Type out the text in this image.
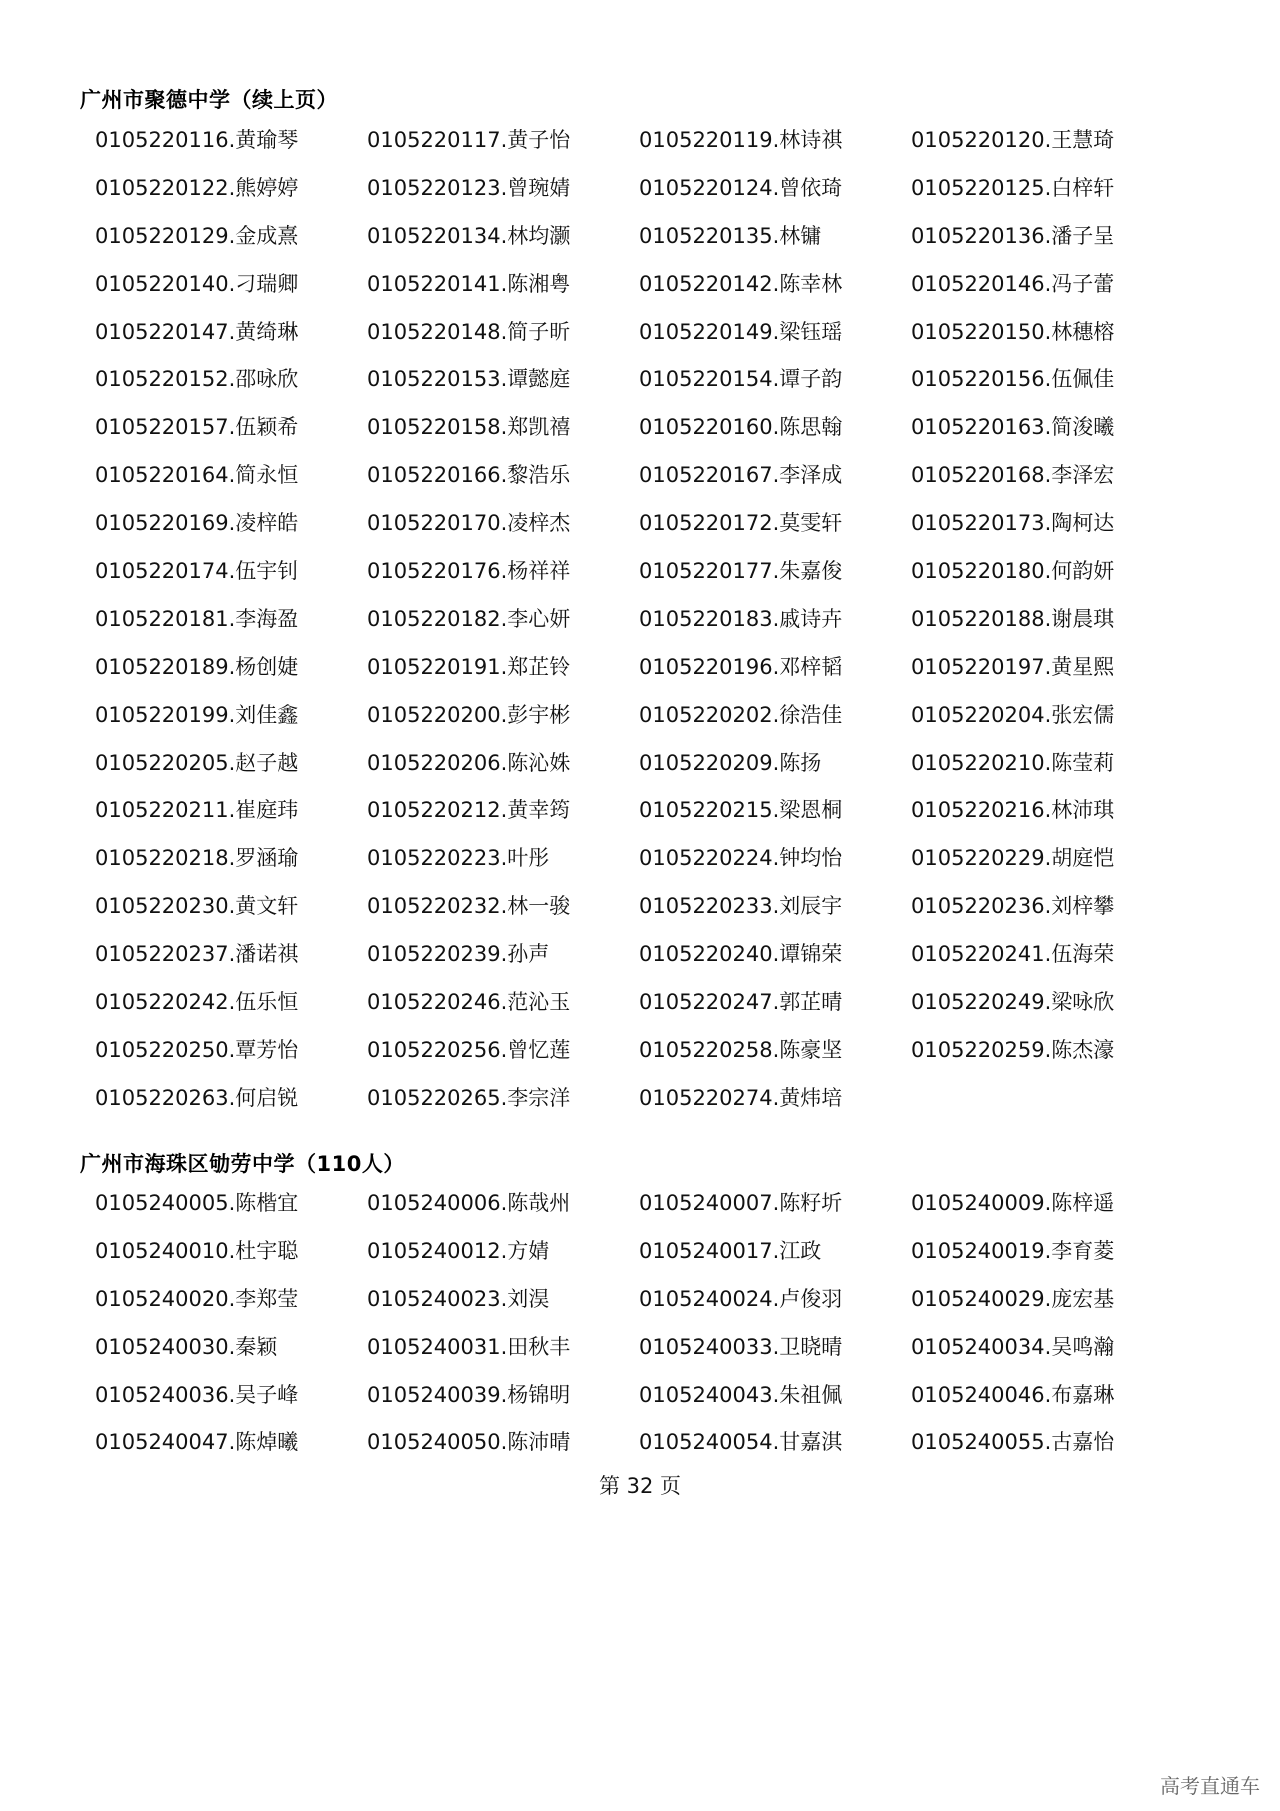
广州市聚德中学（续上页）
0105220116.黄瑜琴	0105220117.黄子怡	0105220119.林诗祺	0105220120.王慧琦
0105220122.熊婷婷	0105220123.曾琬婧	0105220124.曾依琦	0105220125.白梓轩
0105220129.金成熹	0105220134.林均灏	0105220135.林镛	0105220136.潘子呈
0105220140.刁瑞卿	0105220141.陈湘粤	0105220142.陈幸林	0105220146.冯子蕾
0105220147.黄绮琳	0105220148.简子昕	0105220149.梁钰瑶	0105220150.林穗榕
0105220152.邵咏欣	0105220153.谭懿庭	0105220154.谭子韵	0105220156.伍佩佳
0105220157.伍颖希	0105220158.郑凯禧	0105220160.陈思翰	0105220163.简浚曦
0105220164.简永恒	0105220166.黎浩乐	0105220167.李泽成	0105220168.李泽宏
0105220169.凌梓皓	0105220170.凌梓杰	0105220172.莫雯轩	0105220173.陶柯达
0105220174.伍宇钊	0105220176.杨祥祥	0105220177.朱嘉俊	0105220180.何韵妍
0105220181.李海盈	0105220182.李心妍	0105220183.戚诗卉	0105220188.谢晨琪
0105220189.杨创婕	0105220191.郑芷铃	0105220196.邓梓韬	0105220197.黄星熙
0105220199.刘佳鑫	0105220200.彭宇彬	0105220202.徐浩佳	0105220204.张宏儒
0105220205.赵子越	0105220206.陈沁姝	0105220209.陈扬	0105220210.陈莹莉
0105220211.崔庭玮	0105220212.黄幸筠	0105220215.梁恩桐	0105220216.林沛琪
0105220218.罗涵瑜	0105220223.叶彤	0105220224.钟均怡	0105220229.胡庭恺
0105220230.黄文轩	0105220232.林一骏	0105220233.刘辰宇	0105220236.刘梓攀
0105220237.潘诺祺	0105220239.孙声	0105220240.谭锦荣	0105220241.伍海荣
0105220242.伍乐恒	0105220246.范沁玉	0105220247.郭芷晴	0105220249.梁咏欣
0105220250.覃芳怡	0105220256.曾忆莲	0105220258.陈豪坚	0105220259.陈杰濠
0105220263.何启锐	0105220265.李宗洋	0105220274.黄炜培
广州市海珠区劬劳中学（110人）
0105240005.陈楷宜	0105240006.陈哉州	0105240007.陈籽圻	0105240009.陈梓遥
0105240010.杜宇聪	0105240012.方婧	0105240017.江政	0105240019.李育菱
0105240020.李郑莹	0105240023.刘淏	0105240024.卢俊羽	0105240029.庞宏基
0105240030.秦颖	0105240031.田秋丰	0105240033.卫晓晴	0105240034.吴鸣瀚
0105240036.吴子峰	0105240039.杨锦明	0105240043.朱祖佩	0105240046.布嘉琳
0105240047.陈焯曦	0105240050.陈沛晴	0105240054.甘嘉淇	0105240055.古嘉怡
第 32 页
高考直通车
